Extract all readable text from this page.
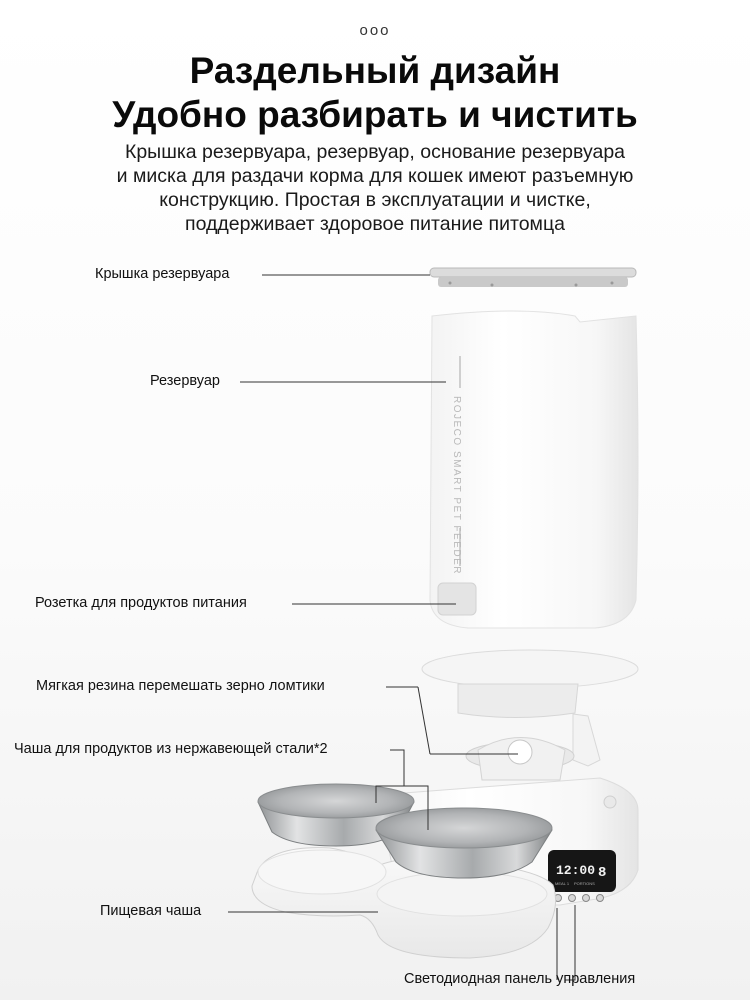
ooo
Раздельный дизайн
Удобно разбирать и чистить
Крышка резервуара, резервуар, основание резервуара
и миска для раздачи корма для кошек имеют разъемную
конструкцию. Простая в эксплуатации и чистке,
поддерживает здоровое питание питомца
ROJECO SMART PET FEEDER
12:00 8
MEAL 1 PORTIONS
Крышка резервуара
Резервуар
Розетка для продуктов питания
Мягкая резина перемешать зерно ломтики
Чаша для продуктов из нержавеющей стали*2
Пищевая чаша
Светодиодная панель управления
